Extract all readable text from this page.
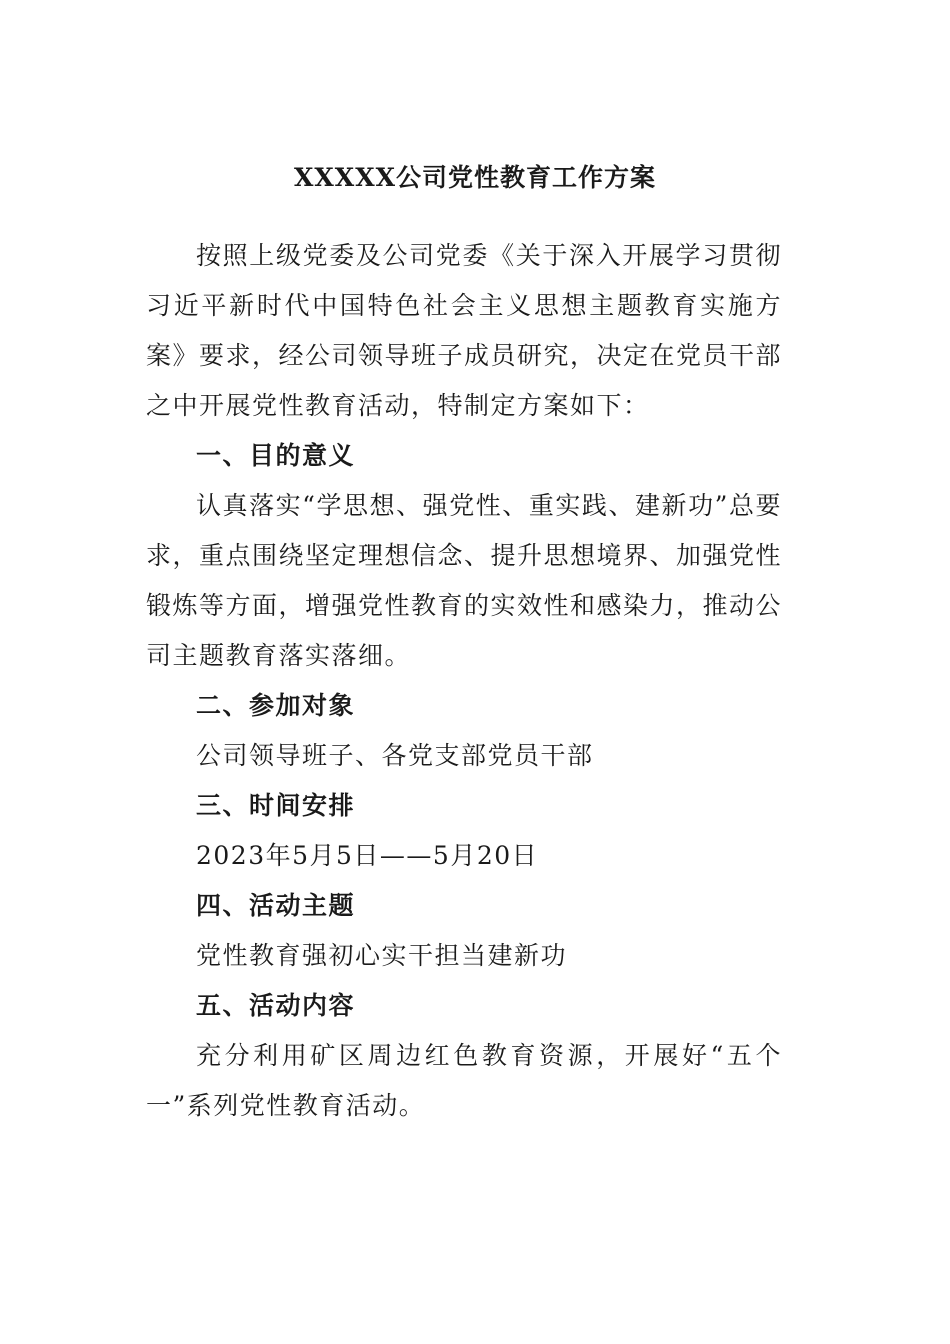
XXXXX公司党性教育工作方案

按照上级党委及公司党委《关于深入开展学习贯彻习近平新时代中国特色社会主义思想主题教育实施方案》要求，经公司领导班子成员研究，决定在党员干部之中开展党性教育活动，特制定方案如下：

一、目的意义

认真落实“学思想、强党性、重实践、建新功”总要求，重点围绕坚定理想信念、提升思想境界、加强党性锻炼等方面，增强党性教育的实效性和感染力，推动公司主题教育落实落细。

二、参加对象

公司领导班子、各党支部党员干部

三、时间安排

2023年5月5日——5月20日

四、活动主题

党性教育强初心实干担当建新功

五、活动内容

充分利用矿区周边红色教育资源，开展好“五个一”系列党性教育活动。
